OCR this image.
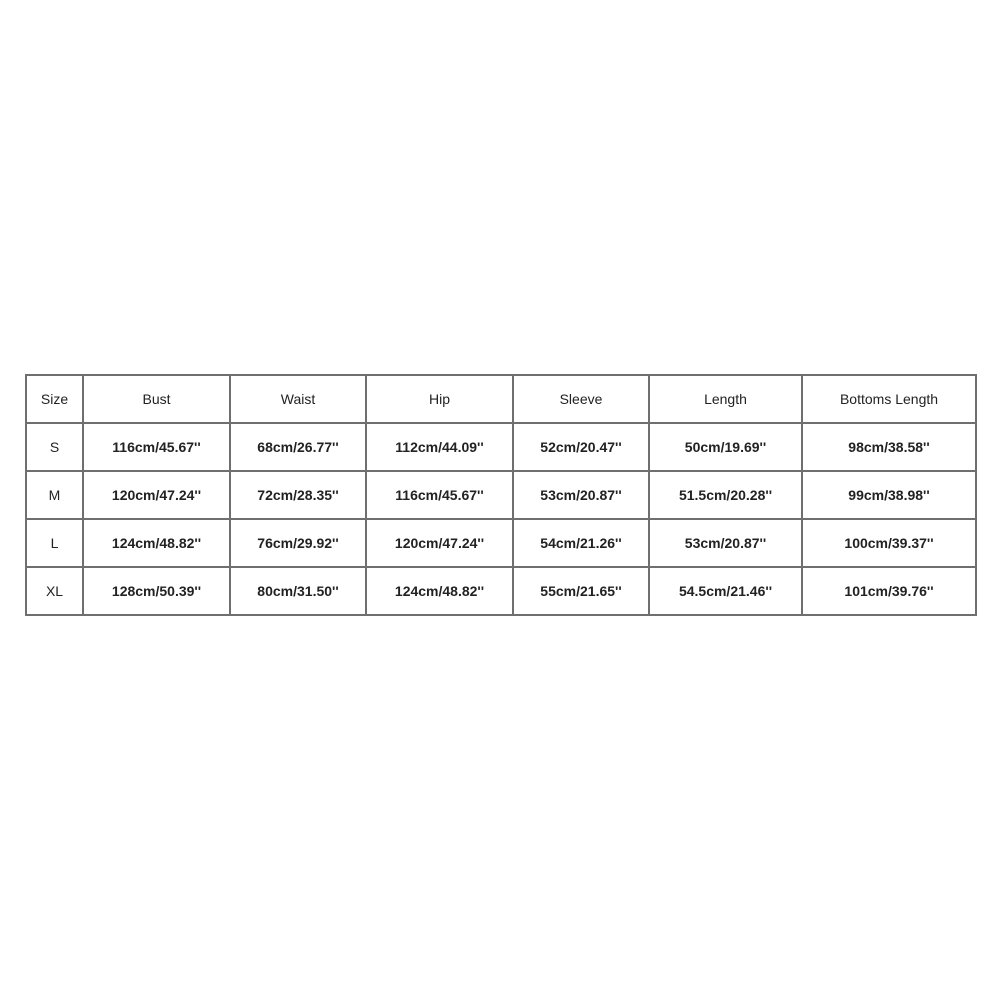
Size	Bust	Waist	Hip	Sleeve	Length	Bottoms Length
S	116cm/45.67''	68cm/26.77''	112cm/44.09''	52cm/20.47''	50cm/19.69''	98cm/38.58''
M	120cm/47.24''	72cm/28.35''	116cm/45.67''	53cm/20.87''	51.5cm/20.28''	99cm/38.98''
L	124cm/48.82''	76cm/29.92''	120cm/47.24''	54cm/21.26''	53cm/20.87''	100cm/39.37''
XL	128cm/50.39''	80cm/31.50''	124cm/48.82''	55cm/21.65''	54.5cm/21.46''	101cm/39.76''
